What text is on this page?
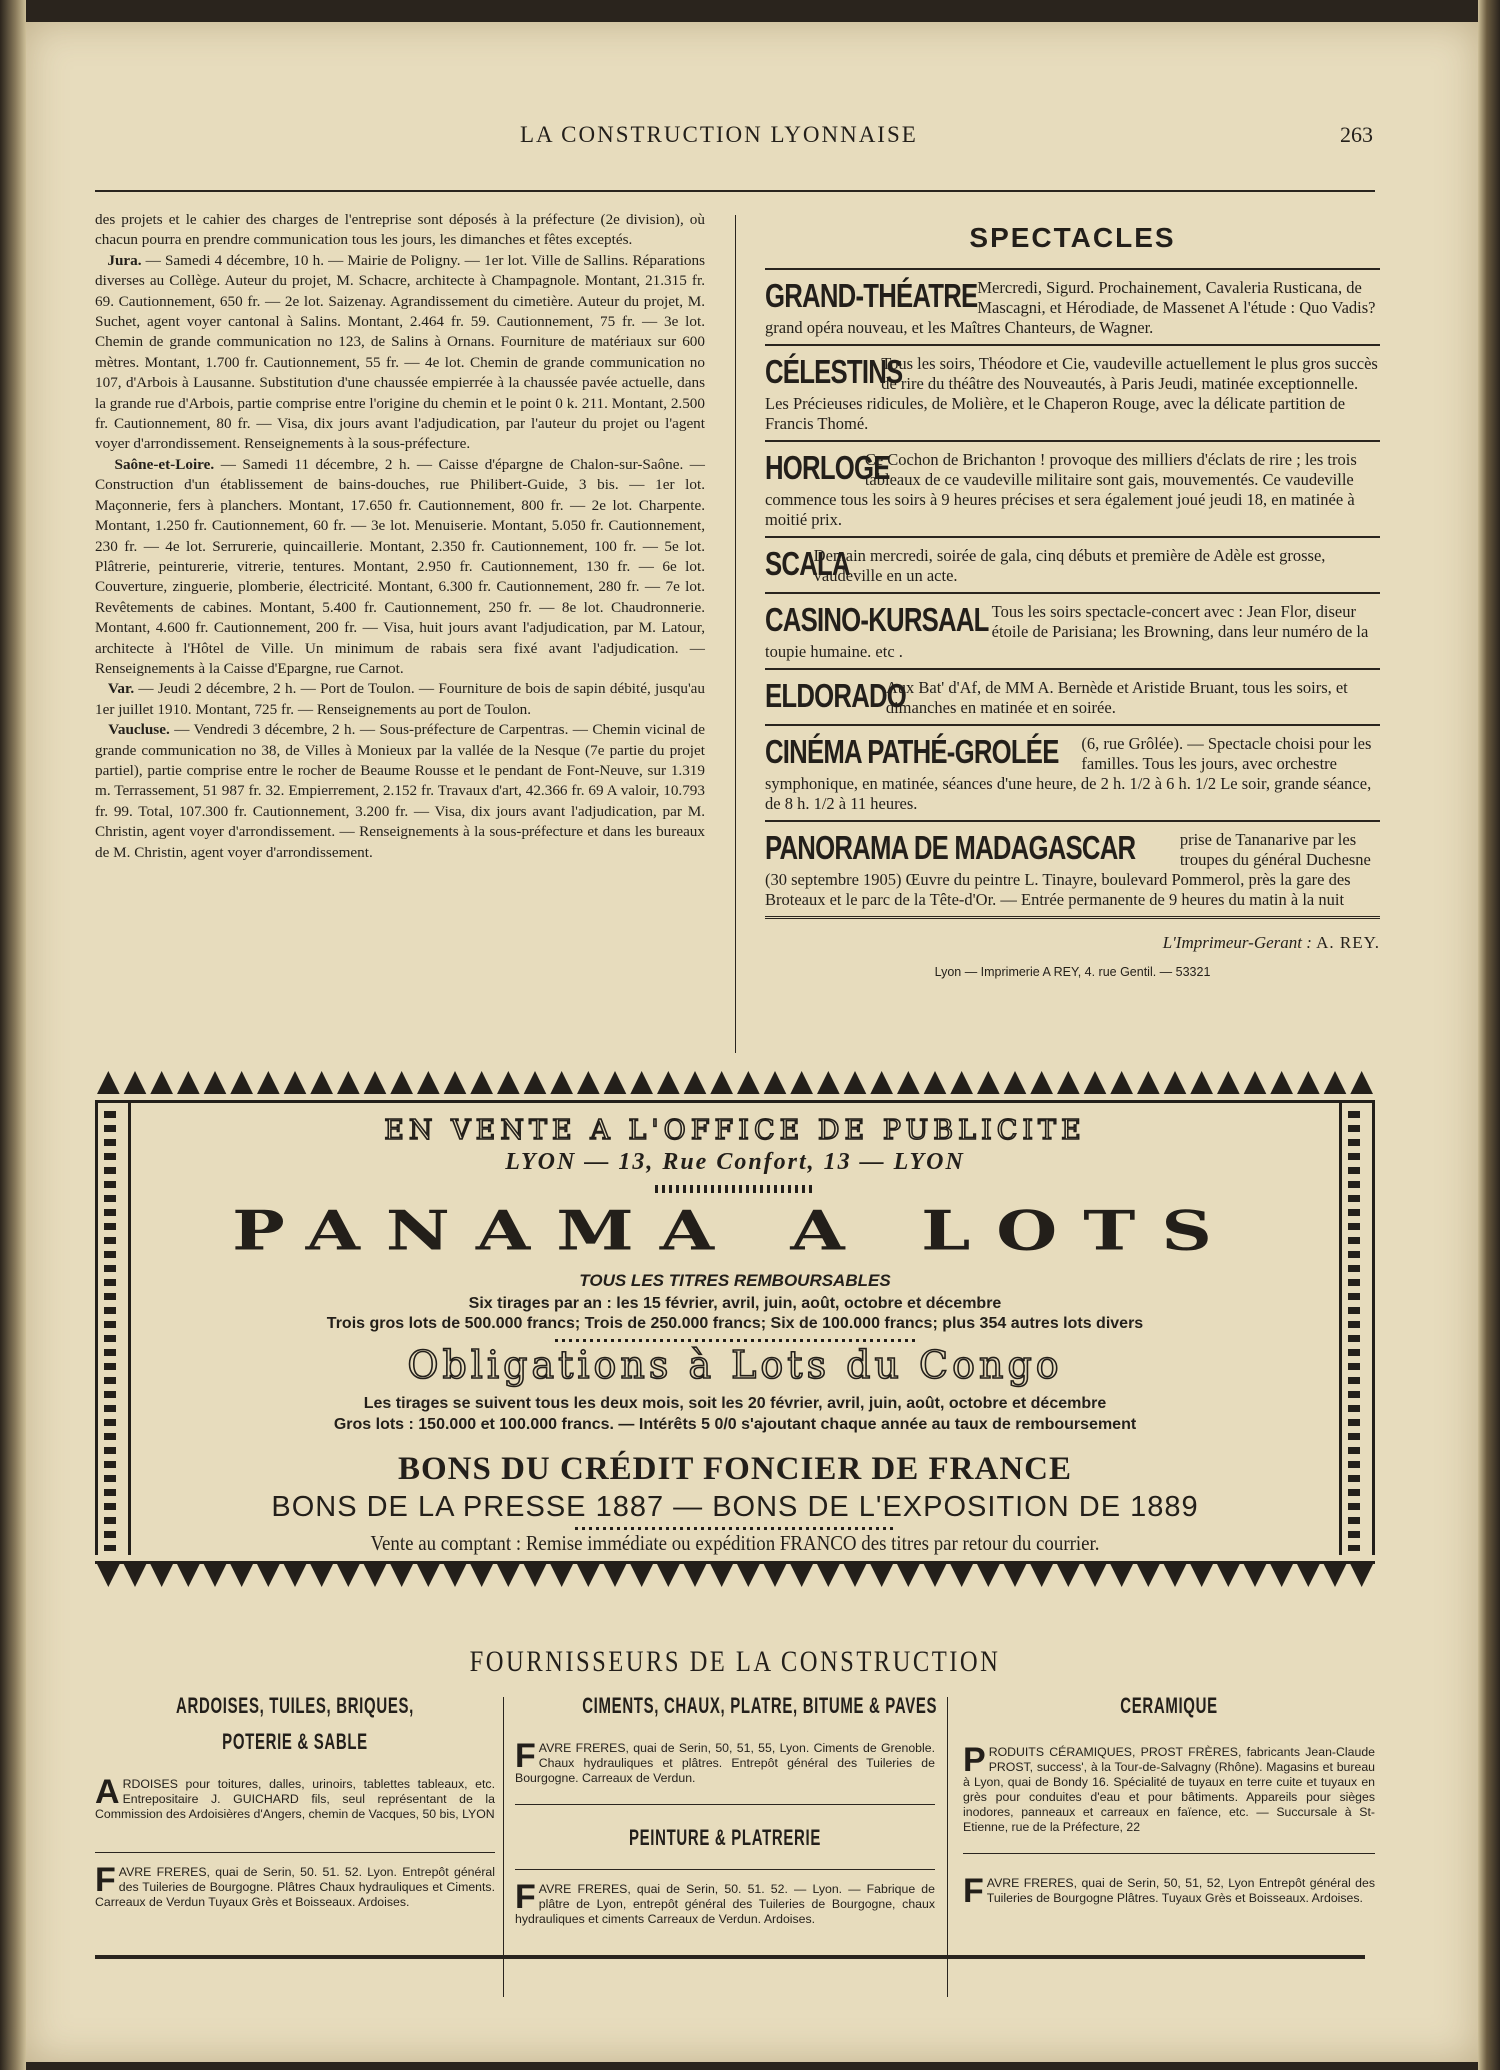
LA CONSTRUCTION LYONNAISE	263

des projets et le cahier des charges de l'entreprise sont déposés à la préfecture (2e division), où chacun pourra en prendre communication tous les jours, les dimanches et fêtes exceptés.

Jura. — Samedi 4 décembre, 10 h. — Mairie de Poligny. — 1er lot. Ville de Sallins. Réparations diverses au Collège. Auteur du projet, M. Schacre, architecte à Champagnole. Montant, 21.315 fr. 69. Cautionnement, 650 fr. — 2e lot. Saizenay. Agrandissement du cimetière. Auteur du projet, M. Suchet, agent voyer cantonal à Salins. Montant, 2.464 fr. 59. Cautionnement, 75 fr. — 3e lot. Chemin de grande communication no 123, de Salins à Ornans. Fourniture de matériaux sur 600 mètres. Montant, 1.700 fr. Cautionnement, 55 fr. — 4e lot. Chemin de grande communication no 107, d'Arbois à Lausanne. Substitution d'une chaussée empierrée à la chaussée pavée actuelle, dans la grande rue d'Arbois, partie comprise entre l'origine du chemin et le point 0 k. 211. Montant, 2.500 fr. Cautionnement, 80 fr. — Visa, dix jours avant l'adjudication, par l'auteur du projet ou l'agent voyer d'arrondissement. Renseignements à la sous-préfecture.

Saône-et-Loire. — Samedi 11 décembre, 2 h. — Caisse d'épargne de Chalon-sur-Saône. — Construction d'un établissement de bains-douches, rue Philibert-Guide, 3 bis. — 1er lot. Maçonnerie, fers à planchers. Montant, 17.650 fr. Cautionnement, 800 fr. — 2e lot. Charpente. Montant, 1.250 fr. Cautionnement, 60 fr. — 3e lot. Menuiserie. Montant, 5.050 fr. Cautionnement, 230 fr. — 4e lot. Serrurerie, quincaillerie. Montant, 2.350 fr. Cautionnement, 100 fr. — 5e lot. Plâtrerie, peinturerie, vitrerie, tentures. Montant, 2.950 fr. Cautionnement, 130 fr. — 6e lot. Couverture, zinguerie, plomberie, électricité. Montant, 6.300 fr. Cautionnement, 280 fr. — 7e lot. Revêtements de cabines. Montant, 5.400 fr. Cautionnement, 250 fr. — 8e lot. Chaudronnerie. Montant, 4.600 fr. Cautionnement, 200 fr. — Visa, huit jours avant l'adjudication, par M. Latour, architecte à l'Hôtel de Ville. Un minimum de rabais sera fixé avant l'adjudication. — Renseignements à la Caisse d'Epargne, rue Carnot.

Var. — Jeudi 2 décembre, 2 h. — Port de Toulon. — Fourniture de bois de sapin débité, jusqu'au 1er juillet 1910. Montant, 725 fr. — Renseignements au port de Toulon.

Vaucluse. — Vendredi 3 décembre, 2 h. — Sous-préfecture de Carpentras. — Chemin vicinal de grande communication no 38, de Villes à Monieux par la vallée de la Nesque (7e partie du projet partiel), partie comprise entre le rocher de Beaume Rousse et le pendant de Font-Neuve, sur 1.319 m. Terrassement, 51 987 fr. 32. Empierrement, 2.152 fr. Travaux d'art, 42.366 fr. 69 A valoir, 10.793 fr. 99. Total, 107.300 fr. Cautionnement, 3.200 fr. — Visa, dix jours avant l'adjudication, par M. Christin, agent voyer d'arrondissement. — Renseignements à la sous-préfecture et dans les bureaux de M. Christin, agent voyer d'arrondissement.

SPECTACLES
GRAND-THÉATRE Mercredi, Sigurd. Prochainement, Cavaleria Rusticana, de Mascagni, et Hérodiade, de Massenet A l'étude : Quo Vadis? grand opéra nouveau, et les Maîtres Chanteurs, de Wagner.
CÉLESTINS
Tous les soirs, Théodore et Cie, vaudeville actuellement le plus gros succès de rire du théâtre des Nouveautés, à Paris Jeudi, matinée exceptionnelle. Les Précieuses ridicules, de Molière, et le Chaperon Rouge, avec la délicate partition de Francis Thomé.
HORLOGE
Ce Cochon de Brichanton ! provoque des milliers d'éclats de rire ; les trois tableaux de ce vaudeville militaire sont gais, mouvementés. Ce vaudeville commence tous les soirs à 9 heures précises et sera également joué jeudi 18, en matinée à moitié prix.
SCALA
Demain mercredi, soirée de gala, cinq débuts et première de Adèle est grosse, vaudeville en un acte.
CASINO-KURSAAL Tous les soirs spectacle-concert avec : Jean Flor, diseur étoile de Parisiana; les Browning, dans leur numéro de la toupie humaine. etc .
ELDORADO
Aux Bat' d'Af, de MM A. Bernède et Aristide Bruant, tous les soirs, et dimanches en matinée et en soirée.
CINÉMA PATHÉ-GROLÉE	(6, rue Grôlée). — Spectacle choisi pour les familles. Tous les jours, avec orchestre symphonique, en matinée, séances d'une heure, de 2 h. 1/2 à 6 h. 1/2 Le soir, grande séance, de 8 h. 1/2 à 11 heures.
PANORAMA DE MADAGASCAR	prise de Tananarive par les troupes du général Duchesne (30 septembre 1905) Œuvre du peintre L. Tinayre, boulevard Pommerol, près la gare des Broteaux et le parc de la Tête-d'Or. — Entrée permanente de 9 heures du matin à la nuit
L'Imprimeur-Gerant : A. REY.
Lyon — Imprimerie A REY, 4. rue Gentil. — 53321
EN VENTE A L'OFFICE DE PUBLICITE
LYON — 13, Rue Confort, 13 — LYON
PANAMA A LOTS
TOUS LES TITRES REMBOURSABLES
Six tirages par an : les 15 février, avril, juin, août, octobre et décembre
Trois gros lots de 500.000 francs; Trois de 250.000 francs; Six de 100.000 francs; plus 354 autres lots divers
Obligations à Lots du Congo
Les tirages se suivent tous les deux mois, soit les 20 février, avril, juin, août, octobre et décembre
Gros lots : 150.000 et 100.000 francs. — Intérêts 5 0/0 s'ajoutant chaque année au taux de remboursement
BONS DU CRÉDIT FONCIER DE FRANCE
BONS DE LA PRESSE 1887 — BONS DE L'EXPOSITION DE 1889
Vente au comptant : Remise immédiate ou expédition FRANCO des titres par retour du courrier.
FOURNISSEURS DE LA CONSTRUCTION
ARDOISES, TUILES, BRIQUES,
POTERIE & SABLE
ARDOISES pour toitures, dalles, urinoirs, tablettes tableaux, etc. Entrepositaire J. GUICHARD fils, seul représentant de la Commission des Ardoisières d'Angers, chemin de Vacques, 50 bis, LYON
FAVRE FRERES, quai de Serin, 50. 51. 52. Lyon. Entrepôt général des Tuileries de Bourgogne. Plâtres Chaux hydrauliques et Ciments. Carreaux de Verdun Tuyaux Grès et Boisseaux. Ardoises.
CIMENTS, CHAUX, PLATRE, BITUME & PAVES
FAVRE FRERES, quai de Serin, 50, 51, 55, Lyon. Ciments de Grenoble. Chaux hydrauliques et plâtres. Entrepôt général des Tuileries de Bourgogne. Carreaux de Verdun.
PEINTURE & PLATRERIE
FAVRE FRERES, quai de Serin, 50. 51. 52. — Lyon. — Fabrique de plâtre de Lyon, entrepôt général des Tuileries de Bourgogne, chaux hydrauliques et ciments Carreaux de Verdun. Ardoises.
CERAMIQUE
PRODUITS CÉRAMIQUES, PROST FRÈRES, fabricants Jean-Claude PROST, success', à la Tour-de-Salvagny (Rhône). Magasins et bureau à Lyon, quai de Bondy 16. Spécialité de tuyaux en terre cuite et tuyaux en grès pour conduites d'eau et pour bâtiments. Appareils pour sièges inodores, panneaux et carreaux en faïence, etc. — Succursale à St-Etienne, rue de la Préfecture, 22
FAVRE FRERES, quai de Serin, 50, 51, 52, Lyon Entrepôt général des Tuileries de Bourgogne Plâtres. Tuyaux Grès et Boisseaux. Ardoises.
